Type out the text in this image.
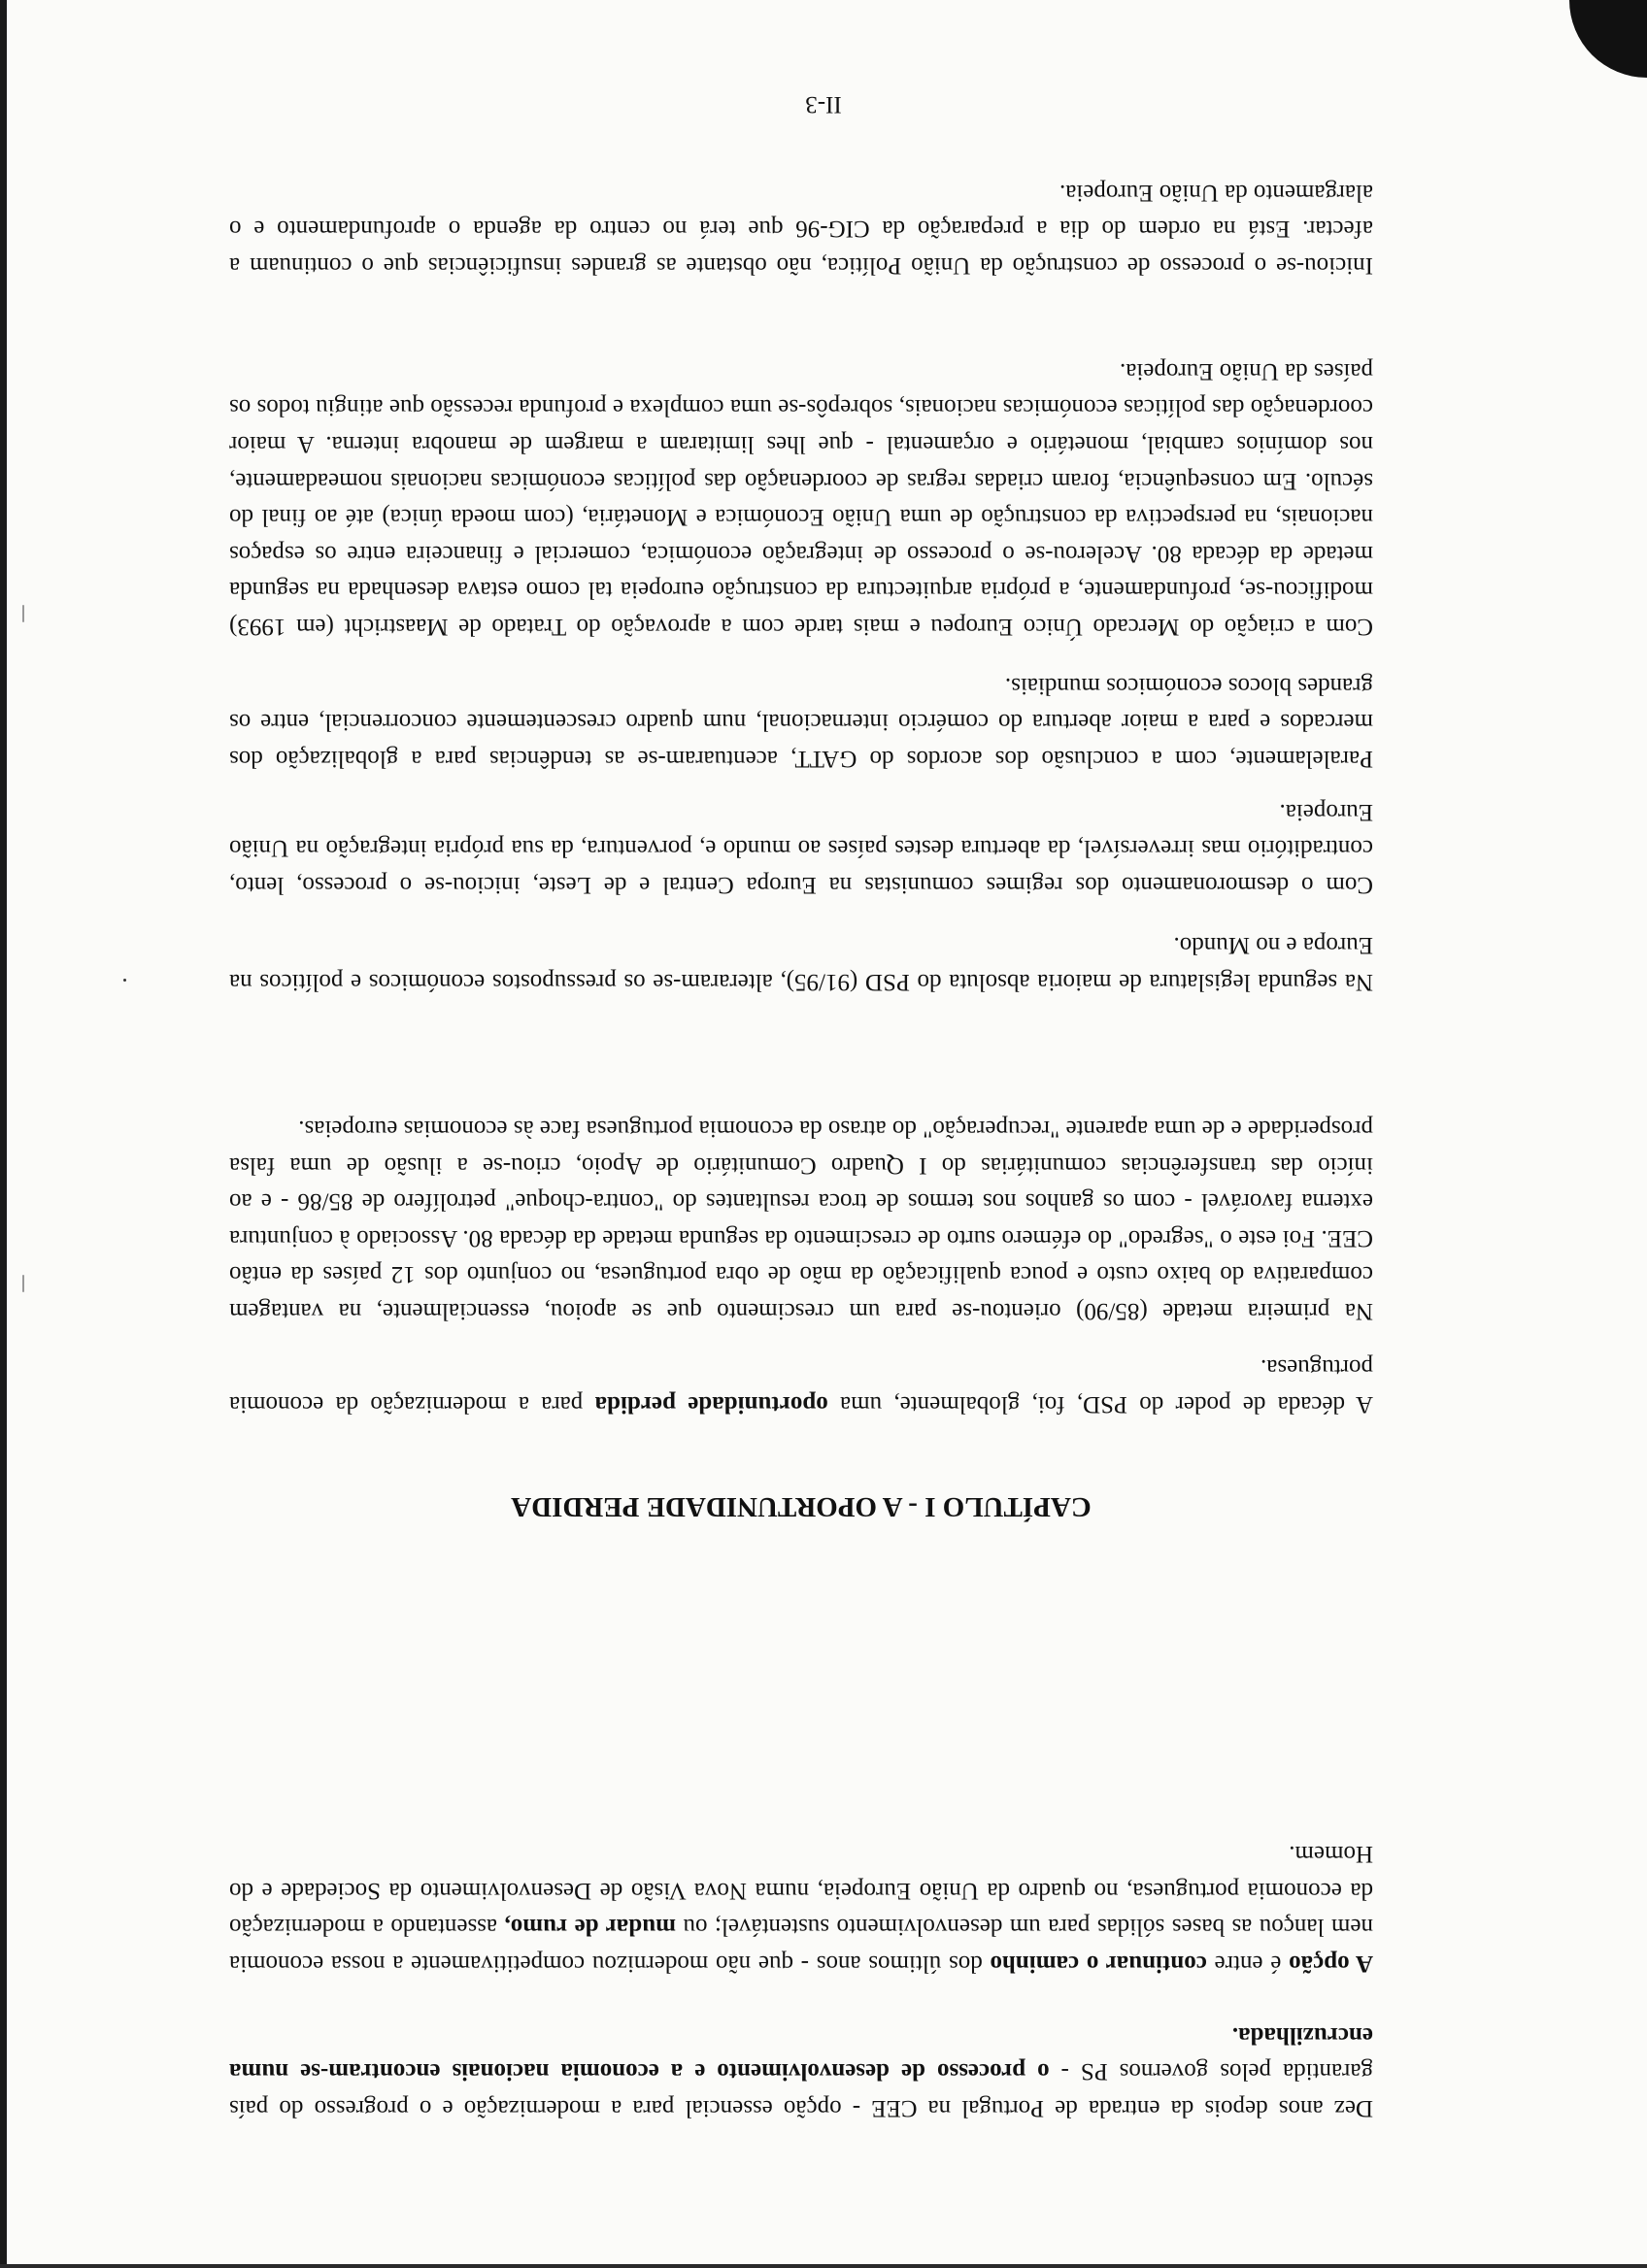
Dez anos depois da entrada de Portugal na CEE - opção essencial para a modernização e o progresso do país garantida pelos governos PS - o processo de desenvolvimento e a economia nacionais encontram-se numa encruzilhada.

A opção é entre continuar o caminho dos últimos anos - que não modernizou competitivamente a nossa economia nem lançou as bases sólidas para um desenvolvimento sustentável; ou mudar de rumo, assentando a modernização da economia portuguesa, no quadro da União Europeia, numa Nova Visão de Desenvolvimento da Sociedade e do Homem.

CAPÍTULO I - A OPORTUNIDADE PERDIDA

A década de poder do PSD, foi, globalmente, uma oportunidade perdida para a modernização da economia portuguesa.

Na primeira metade (85/90) orientou-se para um crescimento que se apoiou, essencialmente, na vantagem comparativa do baixo custo e pouca qualificação da mão de obra portuguesa, no conjunto dos 12 países da então CEE. Foi este o "segredo" do efémero surto de crescimento da segunda metade da década 80. Associado à conjuntura externa favorável - com os ganhos nos termos de troca resultantes do "contra-choque" petrolífero de 85/86 - e ao início das transferências comunitárias do I Quadro Comunitário de Apoio, criou-se a ilusão de uma falsa prosperidade e de uma aparente "recuperação" do atraso da economia portuguesa face às economias europeias.

Na segunda legislatura de maioria absoluta do PSD (91/95), alteraram-se os pressupostos económicos e políticos na Europa e no Mundo.

Com o desmoronamento dos regimes comunistas na Europa Central e de Leste, iniciou-se o processo, lento, contraditório mas irreversível, da abertura destes países ao mundo e, porventura, da sua própria integração na União Europeia.

Paralelamente, com a conclusão dos acordos do GATT, acentuaram-se as tendências para a globalização dos mercados e para a maior abertura do comércio internacional, num quadro crescentemente concorrencial, entre os grandes blocos económicos mundiais.

Com a criação do Mercado Único Europeu e mais tarde com a aprovação do Tratado de Maastricht (em 1993) modificou-se, profundamente, a própria arquitectura da construção europeia tal como estava desenhada na segunda metade da década 80. Acelerou-se o processo de integração económica, comercial e financeira entre os espaços nacionais, na perspectiva da construção de uma União Económica e Monetária, (com moeda única) até ao final do século. Em consequência, foram criadas regras de coordenação das políticas económicas nacionais nomeadamente, nos domínios cambial, monetário e orçamental - que lhes limitaram a margem de manobra interna. A maior coordenação das políticas económicas nacionais, sobrepôs-se uma complexa e profunda recessão que atingiu todos os países da União Europeia.

Iniciou-se o processo de construção da União Política, não obstante as grandes insuficiências que o continuam a afectar. Está na ordem do dia a preparação da CIG-96 que terá no centro da agenda o aprofundamento e o alargamento da União Europeia.

II-3
